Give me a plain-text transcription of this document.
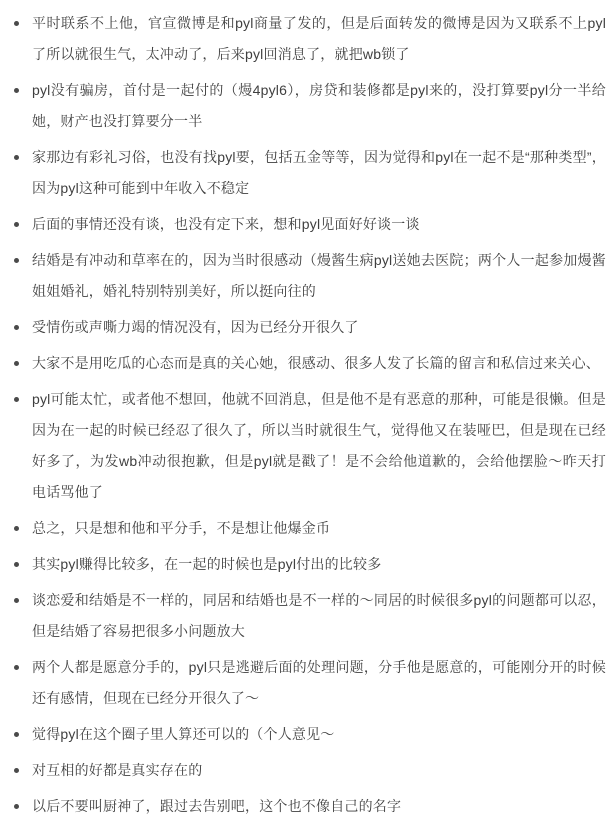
平时联系不上他，官宣微博是和pyl商量了发的，但是后面转发的微博是因为又联系不上pyl了所以就很生气，太冲动了，后来pyl回消息了，就把wb锁了
pyl没有骗房，首付是一起付的（熳4pyl6），房贷和装修都是pyl来的，没打算要pyl分一半给她，财产也没打算要分一半
家那边有彩礼习俗，也没有找pyl要，包括五金等等，因为觉得和pyl在一起不是“那种类型”，因为pyl这种可能到中年收入不稳定
后面的事情还没有谈，也没有定下来，想和pyl见面好好谈一谈
结婚是有冲动和草率在的，因为当时很感动（熳酱生病pyl送她去医院；两个人一起参加熳酱姐姐婚礼，婚礼特别特别美好，所以挺向往的
受情伤或声嘶力竭的情况没有，因为已经分开很久了
大家不是用吃瓜的心态而是真的关心她，很感动、很多人发了长篇的留言和私信过来关心、
pyl可能太忙，或者他不想回，他就不回消息，但是他不是有恶意的那种，可能是很懒。但是因为在一起的时候已经忍了很久了，所以当时就很生气，觉得他又在装哑巴，但是现在已经好多了，为发wb冲动很抱歉，但是pyl就是戳了！是不会给他道歉的，会给他摆脸～昨天打电话骂他了
总之，只是想和他和平分手，不是想让他爆金币
其实pyl赚得比较多，在一起的时候也是pyl付出的比较多
谈恋爱和结婚是不一样的，同居和结婚也是不一样的～同居的时候很多pyl的问题都可以忍，但是结婚了容易把很多小问题放大
两个人都是愿意分手的，pyl只是逃避后面的处理问题，分手他是愿意的，可能刚分开的时候还有感情，但现在已经分开很久了～
觉得pyl在这个圈子里人算还可以的（个人意见～
对互相的好都是真实存在的
以后不要叫厨神了，跟过去告别吧，这个也不像自己的名字
